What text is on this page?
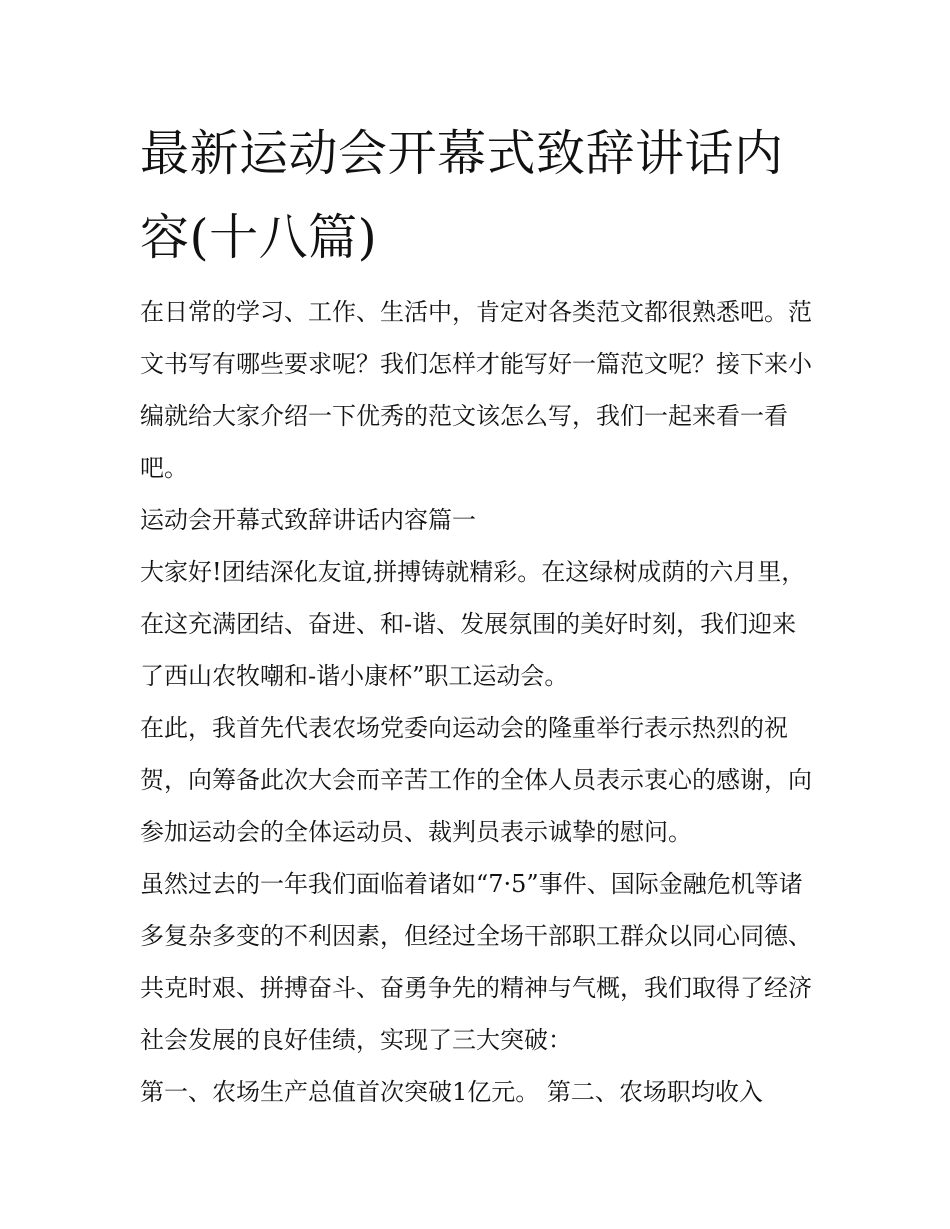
最新运动会开幕式致辞讲话内容(十八篇)

在日常的学习、工作、生活中，肯定对各类范文都很熟悉吧。范文书写有哪些要求呢？我们怎样才能写好一篇范文呢？接下来小编就给大家介绍一下优秀的范文该怎么写，我们一起来看一看吧。

运动会开幕式致辞讲话内容篇一

大家好!团结深化友谊,拼搏铸就精彩。在这绿树成荫的六月里，在这充满团结、奋进、和-谐、发展氛围的美好时刻，我们迎来了西山农牧嘲和-谐小康杯”职工运动会。

在此，我首先代表农场党委向运动会的隆重举行表示热烈的祝贺，向筹备此次大会而辛苦工作的全体人员表示衷心的感谢，向参加运动会的全体运动员、裁判员表示诚挚的慰问。

虽然过去的一年我们面临着诸如“7·5”事件、国际金融危机等诸多复杂多变的不利因素，但经过全场干部职工群众以同心同德、共克时艰、拼搏奋斗、奋勇争先的精神与气概，我们取得了经济社会发展的良好佳绩，实现了三大突破：

第一、农场生产总值首次突破1亿元。 第二、农场职均收入
